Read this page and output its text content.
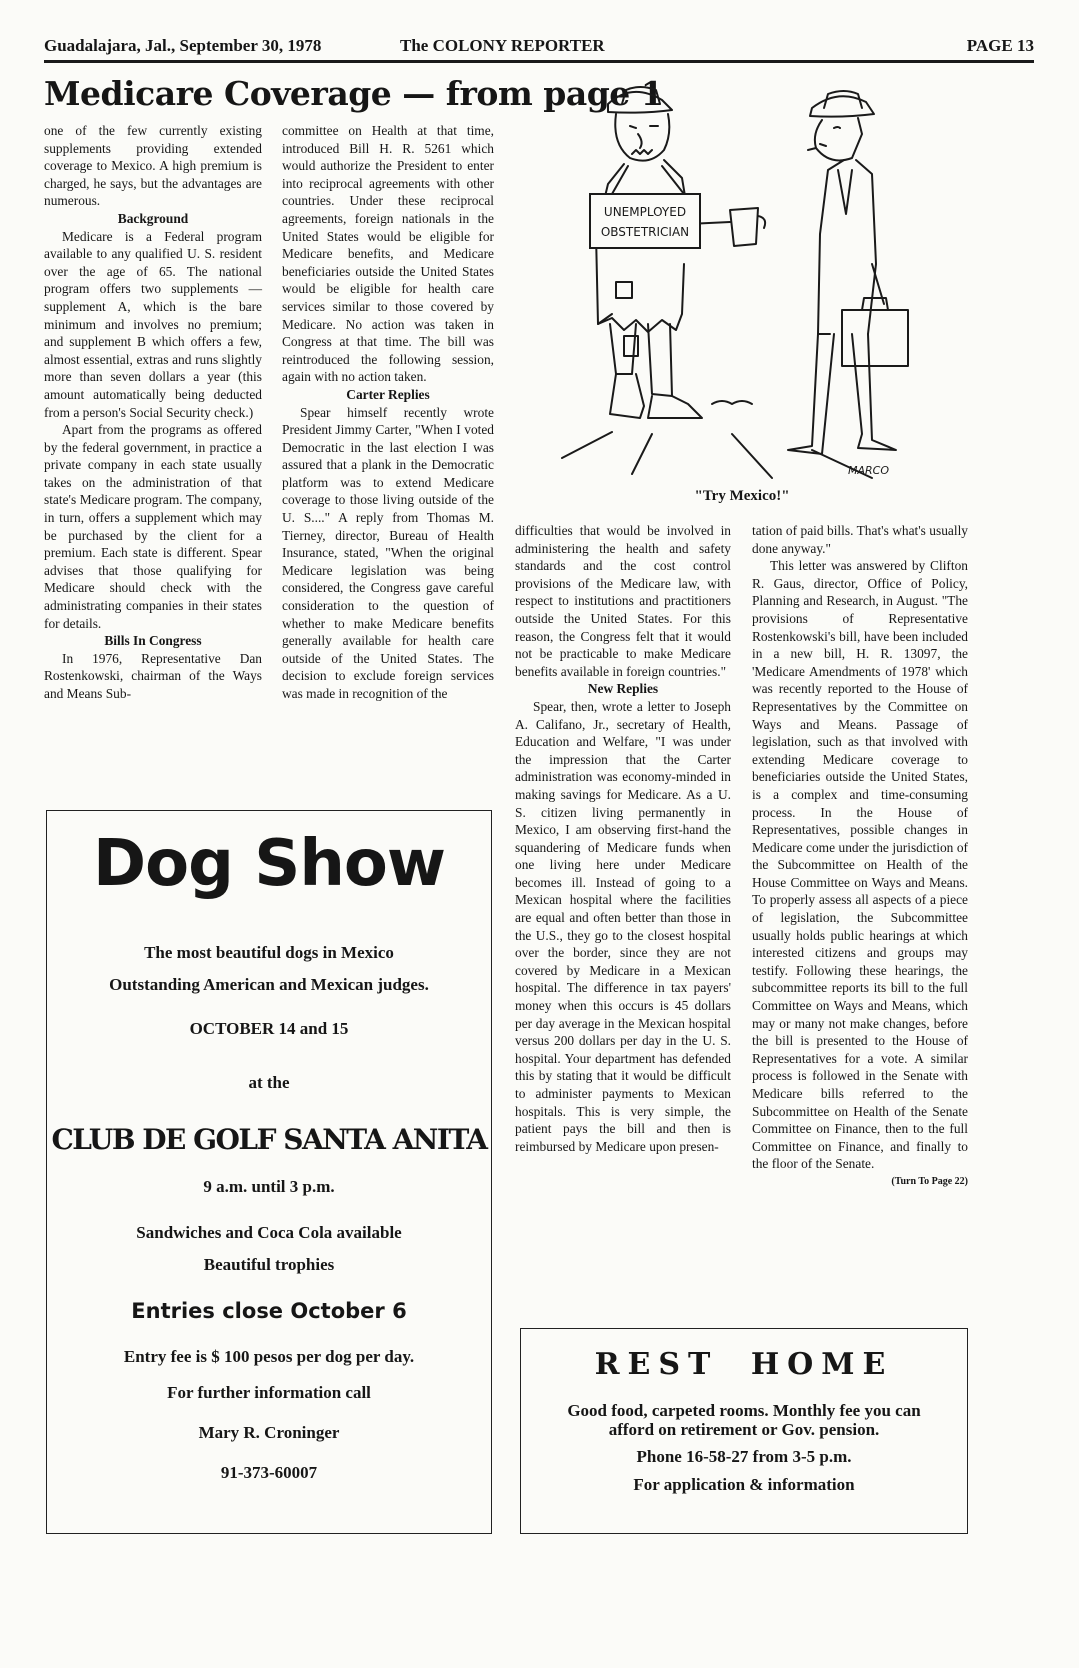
Guadalajara, Jal., September 30, 1978	The COLONY REPORTER	PAGE 13
Medicare Coverage — from page 1

one of the few currently existing supplements providing extended coverage to Mexico. A high premium is charged, he says, but the advantages are numerous.

Background

Medicare is a Federal program available to any qualified U. S. resident over the age of 65. The national program offers two supplements —supplement A, which is the bare minimum and involves no premium; and supplement B which offers a few, almost essential, extras and runs slightly more than seven dollars a year (this amount automatically being deducted from a person's Social Security check.)

Apart from the programs as offered by the federal government, in practice a private company in each state usually takes on the administration of that state's Medicare program. The company, in turn, offers a supplement which may be purchased by the client for a premium. Each state is different. Spear advises that those qualifying for Medicare should check with the administrating companies in their states for details.

Bills In Congress

In 1976, Representative Dan Rostenkowski, chairman of the Ways and Means Sub-

committee on Health at that time, introduced Bill H. R. 5261 which would authorize the President to enter into reciprocal agreements with other countries. Under these reciprocal agreements, foreign nationals in the United States would be eligible for Medicare benefits, and Medicare beneficiaries outside the United States would be eligible for health care services similar to those covered by Medicare. No action was taken in Congress at that time. The bill was reintroduced the following session, again with no action taken.

Carter Replies

Spear himself recently wrote President Jimmy Carter, "When I voted Democratic in the last election I was assured that a plank in the Democratic platform was to extend Medicare coverage to those living outside of the U. S...." A reply from Thomas M. Tierney, director, Bureau of Health Insurance, stated, "When the original Medicare legislation was being considered, the Congress gave careful consideration to the question of whether to make Medicare benefits generally available for health care outside of the United States. The decision to exclude foreign services was made in recognition of the

difficulties that would be involved in administering the health and safety standards and the cost control provisions of the Medicare law, with respect to institutions and practitioners outside the United States. For this reason, the Congress felt that it would not be practicable to make Medicare benefits available in foreign countries."

New Replies

Spear, then, wrote a letter to Joseph A. Califano, Jr., secretary of Health, Education and Welfare, "I was under the impression that the Carter administration was economy-minded in making savings for Medicare. As a U. S. citizen living permanently in Mexico, I am observing first-hand the squandering of Medicare funds when one living here under Medicare becomes ill. Instead of going to a Mexican hospital where the facilities are equal and often better than those in the U.S., they go to the closest hospital over the border, since they are not covered by Medicare in a Mexican hospital. The difference in tax payers' money when this occurs is 45 dollars per day average in the Mexican hospital versus 200 dollars per day in the U. S. hospital. Your department has defended this by stating that it would be difficult to administer payments to Mexican hospitals. This is very simple, the patient pays the bill and then is reimbursed by Medicare upon presen-

tation of paid bills. That's what's usually done anyway."

This letter was answered by Clifton R. Gaus, director, Office of Policy, Planning and Research, in August. "The provisions of Representative Rostenkowski's bill, have been included in a new bill, H. R. 13097, the 'Medicare Amendments of 1978' which was recently reported to the House of Representatives by the Committee on Ways and Means. Passage of legislation, such as that involved with extending Medicare coverage to beneficiaries outside the United States, is a complex and time-consuming process. In the House of Representatives, possible changes in Medicare come under the jurisdiction of the Subcommittee on Health of the House Committee on Ways and Means. To properly assess all aspects of a piece of legislation, the Subcommittee usually holds public hearings at which interested citizens and groups may testify. Following these hearings, the subcommittee reports its bill to the full Committee on Ways and Means, which may or many not make changes, before the bill is presented to the House of Representatives for a vote. A similar process is followed in the Senate with Medicare bills referred to the Subcommittee on Health of the Senate Committee on Finance, then to the full Committee on Finance, and finally to the floor of the Senate.

(Turn To Page 22)

UNEMPLOYED
OBSTETRICIAN
MARCO
"Try Mexico!"
Dog Show
The most beautiful dogs in Mexico
Outstanding American and Mexican judges.
OCTOBER 14 and 15
at the
CLUB DE GOLF SANTA ANITA
9 a.m. until 3 p.m.
Sandwiches and Coca Cola available
Beautiful trophies
Entries close October 6
Entry fee is $ 100 pesos per dog per day.
For further information call
Mary R. Croninger
91-373-60007
REST HOME
Good food, carpeted rooms. Monthly fee you can afford on retirement or Gov. pension.
Phone 16-58-27 from 3-5 p.m.
For application & information
